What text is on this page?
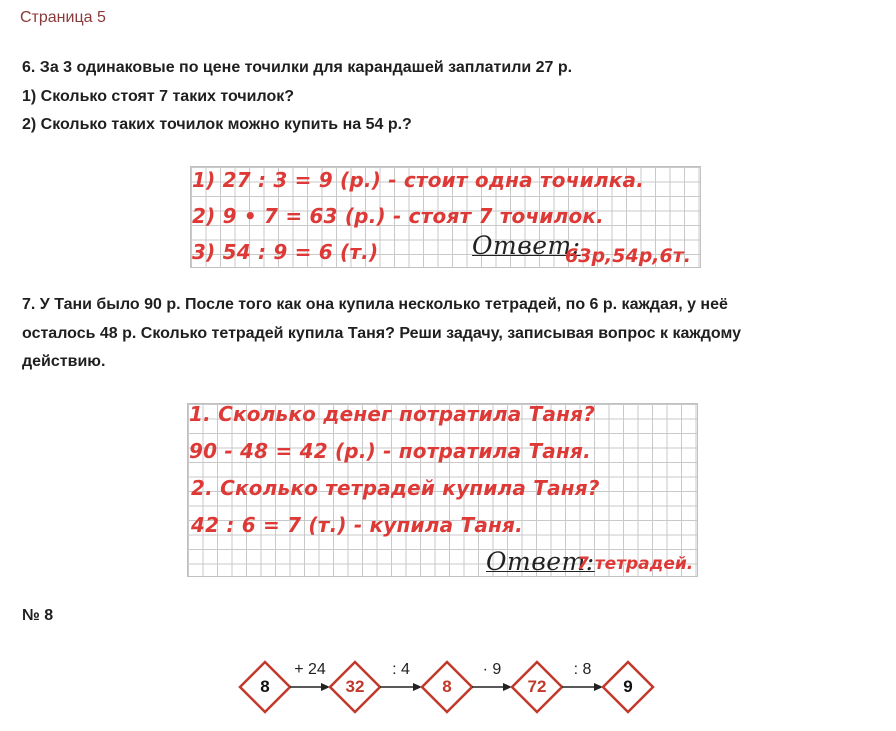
Страница 5
6. За 3 одинаковые по цене точилки для карандашей заплатили 27 р.
1) Сколько стоят 7 таких точилок?
2) Сколько таких точилок можно купить на 54 р.?
1) 27 : 3 = 9 (р.) - стоит одна точилка.
2) 9 • 7 = 63 (р.) - стоят 7 точилок.
3) 54 : 9 = 6 (т.)	Ответ:
63р,54р,6т.
7. У Тани было 90 р. После того как она купила несколько тетрадей, по 6 р. каждая, у неё
осталось 48 р. Сколько тетрадей купила Таня? Реши задачу, записывая вопрос к каждому
действию.
1. Сколько денег потратила Таня?
90 - 48 = 42 (р.) - потратила Таня.
2. Сколько тетрадей купила Таня?
42 : 6 = 7 (т.) - купила Таня.
Ответ:
7 тетрадей.
№ 8
8
+ 24
32
: 4
8
· 9
72
: 8
9
